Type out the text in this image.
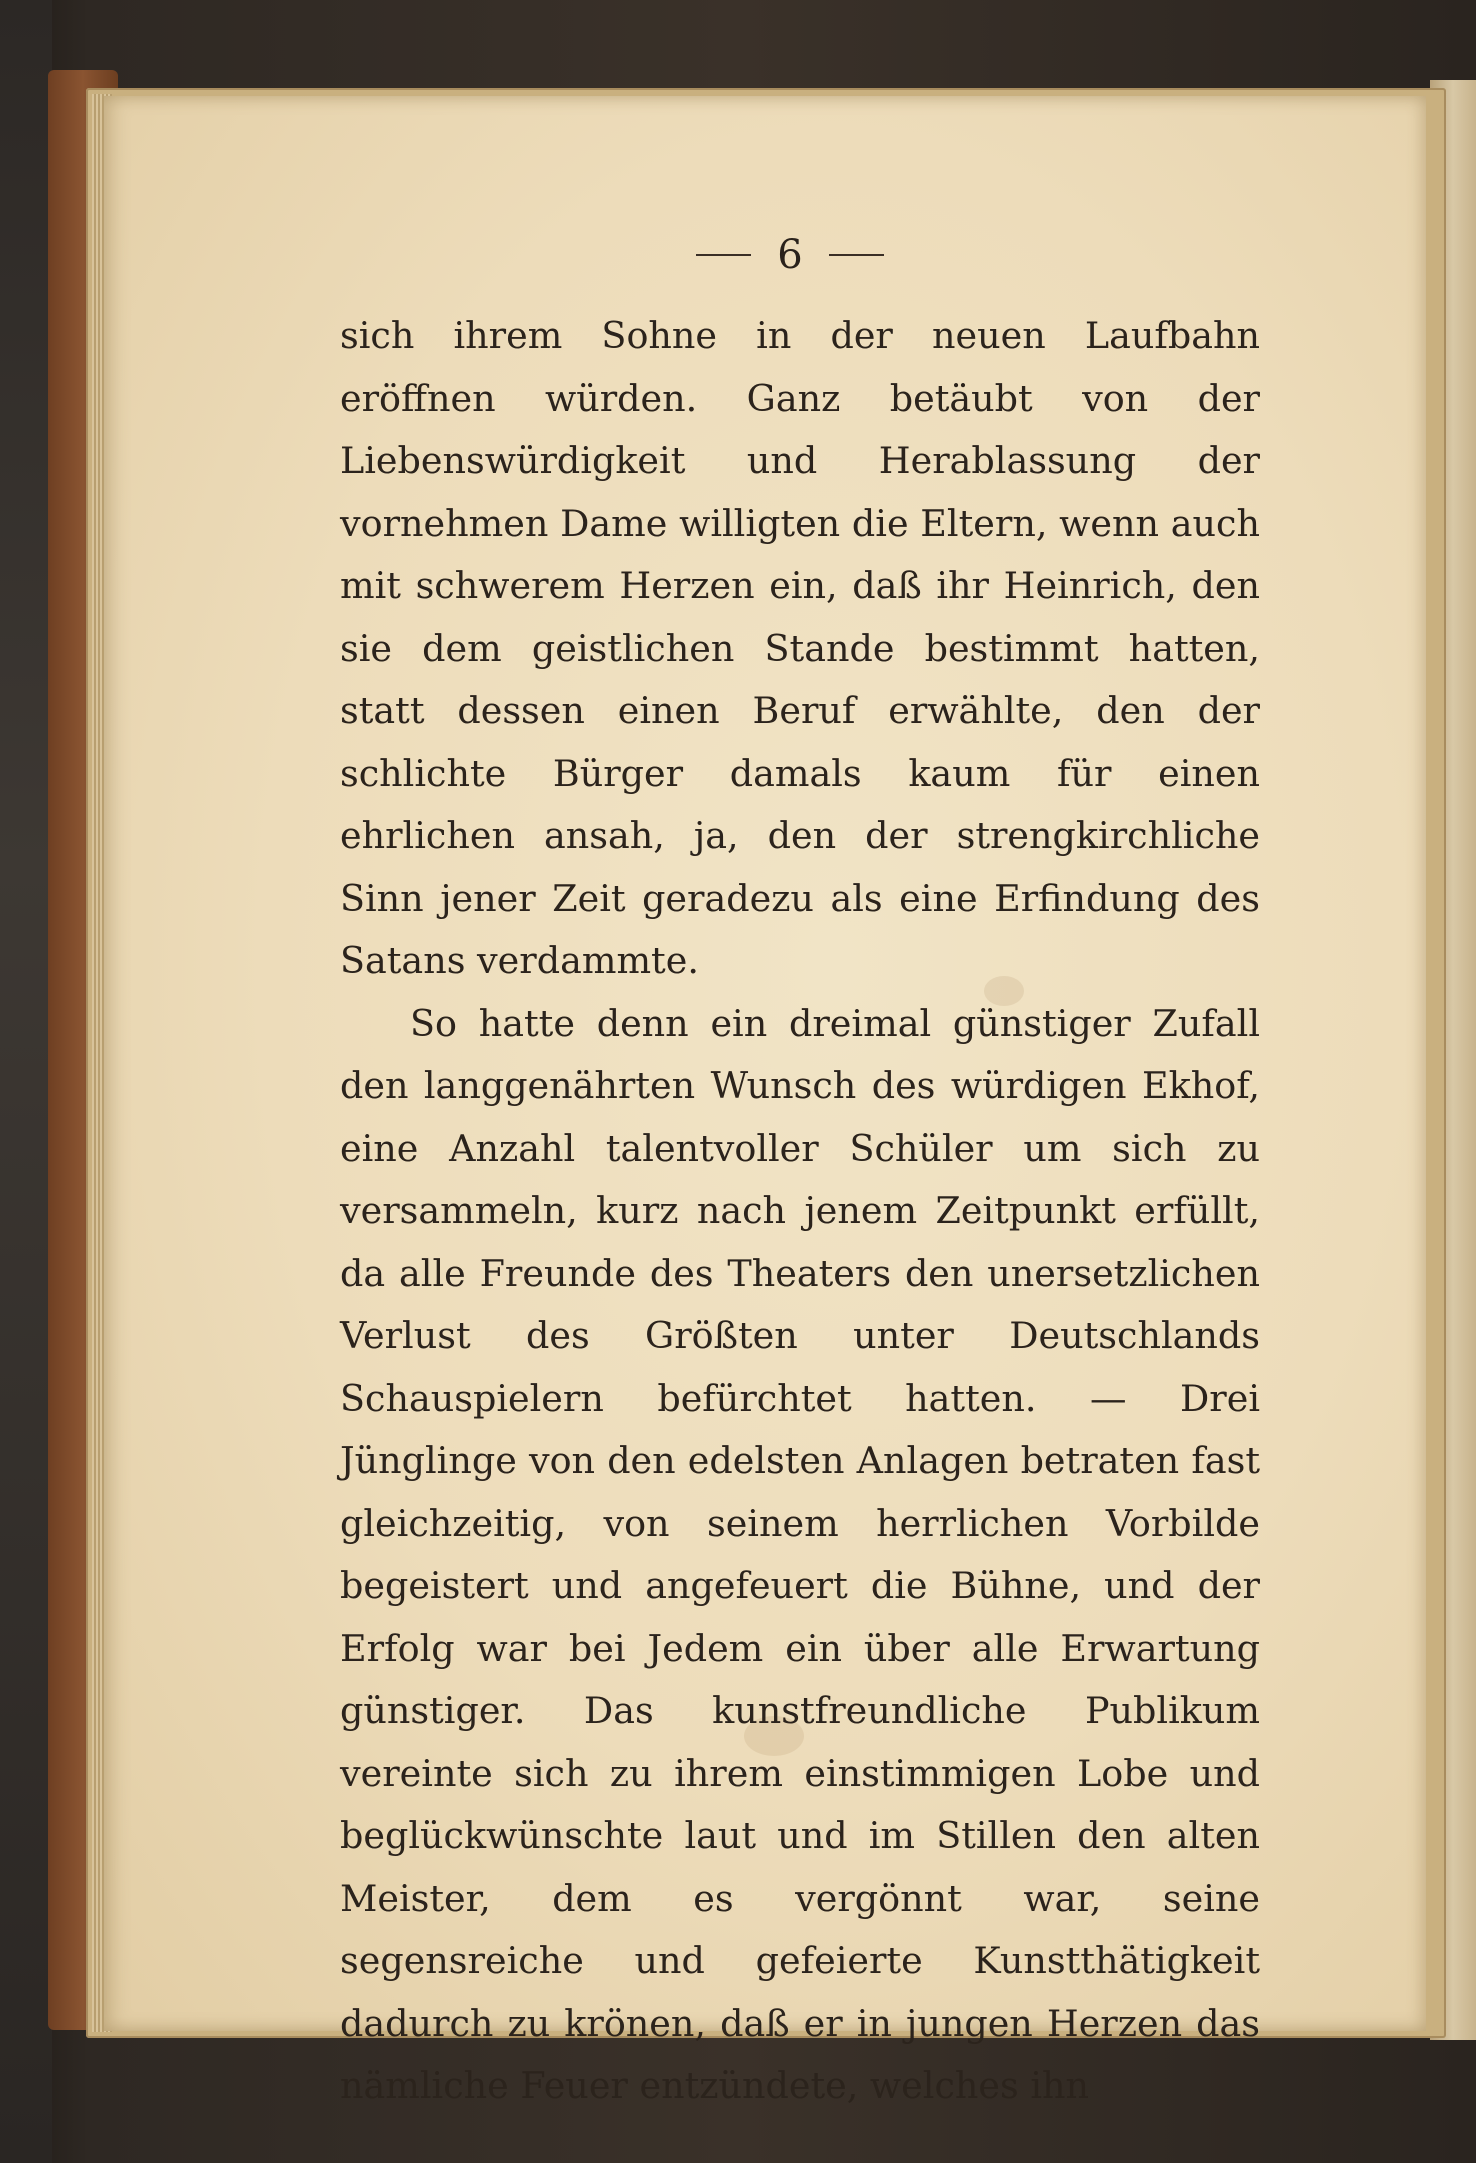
6

sich ihrem Sohne in der neuen Laufbahn eröffnen würden. Ganz betäubt von der Liebenswürdigkeit und Herablassung der vornehmen Dame willigten die Eltern, wenn auch mit schwerem Herzen ein, daß ihr Heinrich, den sie dem geistlichen Stande bestimmt hatten, statt dessen einen Beruf erwählte, den der schlichte Bürger damals kaum für einen ehrlichen ansah, ja, den der strengkirchliche Sinn jener Zeit geradezu als eine Erfindung des Satans verdammte.

So hatte denn ein dreimal günstiger Zufall den langgenährten Wunsch des würdigen Ekhof, eine Anzahl talentvoller Schüler um sich zu versammeln, kurz nach jenem Zeitpunkt erfüllt, da alle Freunde des Theaters den unersetzlichen Verlust des Größten unter Deutschlands Schauspielern befürchtet hatten. — Drei Jünglinge von den edelsten Anlagen betraten fast gleichzeitig, von seinem herrlichen Vorbilde begeistert und angefeuert die Bühne, und der Erfolg war bei Jedem ein über alle Erwartung günstiger. Das kunstfreundliche Publikum vereinte sich zu ihrem einstimmigen Lobe und beglückwünschte laut und im Stillen den alten Meister, dem es vergönnt war, seine segensreiche und gefeierte Kunstthätigkeit dadurch zu krönen, daß er in jungen Herzen das nämliche Feuer entzündete, welches ihn
